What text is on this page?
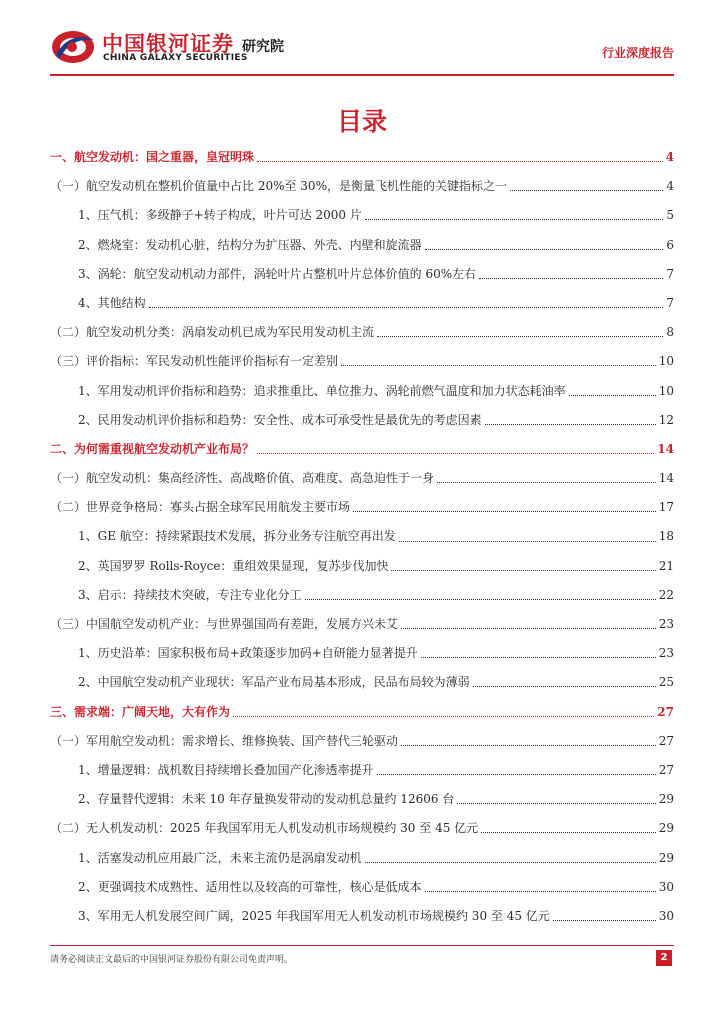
中国银河证券
CHINA GALAXY SECURITIES
研究院	行业深度报告
目录
一、航空发动机：国之重器，皇冠明珠	4
（一）航空发动机在整机价值量中占比 20%至 30%，是衡量飞机性能的关键指标之一	4
1、压气机：多级静子+转子构成，叶片可达 2000 片	5
2、燃烧室：发动机心脏，结构分为扩压器、外壳、内壁和旋流器	6
3、涡轮：航空发动机动力部件，涡轮叶片占整机叶片总体价值的 60%左右	7
4、其他结构	7
（二）航空发动机分类：涡扇发动机已成为军民用发动机主流	8
（三）评价指标：军民发动机性能评价指标有一定差别	10
1、军用发动机评价指标和趋势：追求推重比、单位推力、涡轮前燃气温度和加力状态耗油率	10
2、民用发动机评价指标和趋势：安全性、成本可承受性是最优先的考虑因素	12
二、为何需重视航空发动机产业布局？	14
（一）航空发动机：集高经济性、高战略价值、高难度、高急迫性于一身	14
（二）世界竞争格局：寡头占据全球军民用航发主要市场	17
1、GE 航空：持续紧跟技术发展，拆分业务专注航空再出发	18
2、英国罗罗 Rolls-Royce：重组效果显现，复苏步伐加快	21
3、启示：持续技术突破，专注专业化分工	22
（三）中国航空发动机产业：与世界强国尚有差距，发展方兴未艾	23
1、历史沿革：国家积极布局+政策逐步加码+自研能力显著提升	23
2、中国航空发动机产业现状：军品产业布局基本形成，民品布局较为薄弱	25
三、需求端：广阔天地，大有作为	27
（一）军用航空发动机：需求增长、维修换装、国产替代三轮驱动	27
1、增量逻辑：战机数目持续增长叠加国产化渗透率提升	27
2、存量替代逻辑：未来 10 年存量换发带动的发动机总量约 12606 台	29
（二）无人机发动机：2025 年我国军用无人机发动机市场规模约 30 至 45 亿元	29
1、活塞发动机应用最广泛，未来主流仍是涡扇发动机	29
2、更强调技术成熟性、适用性以及较高的可靠性，核心是低成本	30
3、军用无人机发展空间广阔，2025 年我国军用无人机发动机市场规模约 30 至 45 亿元	30
请务必阅读正文最后的中国银河证券股份有限公司免责声明。	2
